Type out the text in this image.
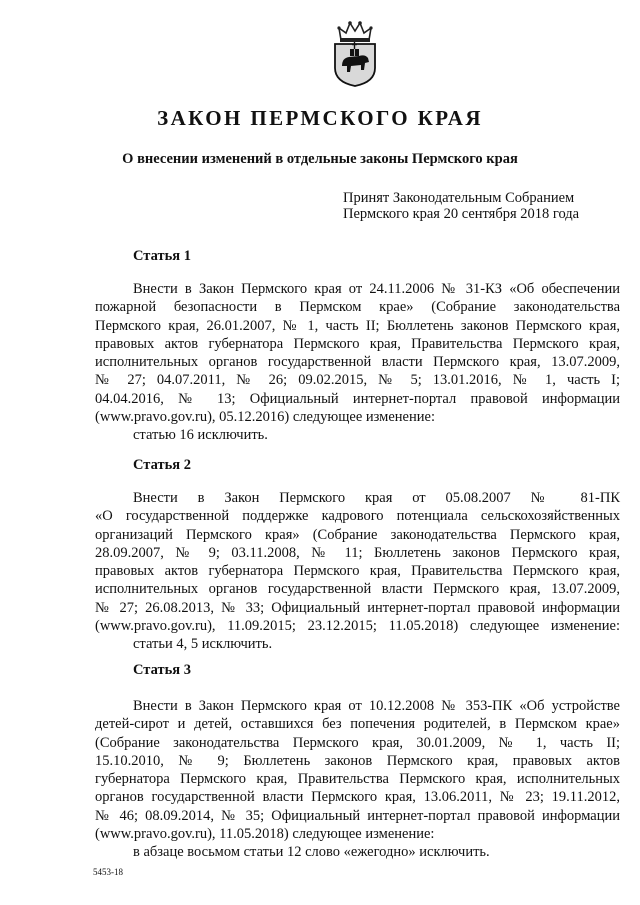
ЗАКОН ПЕРМСКОГО КРАЯ
О внесении изменений в отдельные законы Пермского края
Принят Законодательным Собранием
Пермского края 20 сентября 2018 года
Статья 1
Внести в Закон Пермского края от 24.11.2006 № 31-КЗ «Об обеспечении
пожарной безопасности в Пермском крае» (Собрание законодательства
Пермского края, 26.01.2007, № 1, часть II; Бюллетень законов Пермского края,
правовых актов губернатора Пермского края, Правительства Пермского края,
исполнительных органов государственной власти Пермского края, 13.07.2009,
№ 27; 04.07.2011, № 26; 09.02.2015, № 5; 13.01.2016, № 1, часть I;
04.04.2016, № 13; Официальный интернет-портал правовой информации
(www.pravo.gov.ru), 05.12.2016) следующее изменение:
статью 16 исключить.
Статья 2
Внести в Закон Пермского края от 05.08.2007 № 81-ПК
«О государственной поддержке кадрового потенциала сельскохозяйственных
организаций Пермского края» (Собрание законодательства Пермского края,
28.09.2007, № 9; 03.11.2008, № 11; Бюллетень законов Пермского края,
правовых актов губернатора Пермского края, Правительства Пермского края,
исполнительных органов государственной власти Пермского края, 13.07.2009,
№ 27; 26.08.2013, № 33; Официальный интернет-портал правовой информации
(www.pravo.gov.ru), 11.09.2015; 23.12.2015; 11.05.2018) следующее изменение:
статьи 4, 5 исключить.
Статья 3
Внести в Закон Пермского края от 10.12.2008 № 353-ПК «Об устройстве
детей-сирот и детей, оставшихся без попечения родителей, в Пермском крае»
(Собрание законодательства Пермского края, 30.01.2009, № 1, часть II;
15.10.2010, № 9; Бюллетень законов Пермского края, правовых актов
губернатора Пермского края, Правительства Пермского края, исполнительных
органов государственной власти Пермского края, 13.06.2011, № 23; 19.11.2012,
№ 46; 08.09.2014, № 35; Официальный интернет-портал правовой информации
(www.pravo.gov.ru), 11.05.2018) следующее изменение:
в абзаце восьмом статьи 12 слово «ежегодно» исключить.
5453-18
